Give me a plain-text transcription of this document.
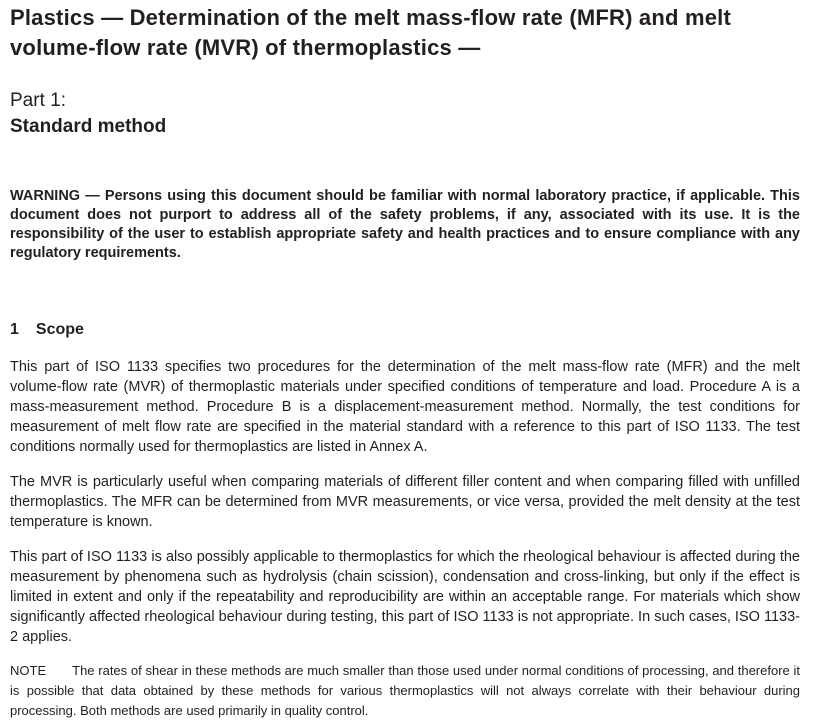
Plastics — Determination of the melt mass-flow rate (MFR) and melt volume-flow rate (MVR) of thermoplastics —

Part 1:

Standard method

WARNING — Persons using this document should be familiar with normal laboratory practice, if applicable. This document does not purport to address all of the safety problems, if any, associated with its use. It is the responsibility of the user to establish appropriate safety and health practices and to ensure compliance with any regulatory requirements.

1 Scope

This part of ISO 1133 specifies two procedures for the determination of the melt mass-flow rate (MFR) and the melt volume-flow rate (MVR) of thermoplastic materials under specified conditions of temperature and load. Procedure A is a mass-measurement method. Procedure B is a displacement-measurement method. Normally, the test conditions for measurement of melt flow rate are specified in the material standard with a reference to this part of ISO 1133. The test conditions normally used for thermoplastics are listed in Annex A.

The MVR is particularly useful when comparing materials of different filler content and when comparing filled with unfilled thermoplastics. The MFR can be determined from MVR measurements, or vice versa, provided the melt density at the test temperature is known.

This part of ISO 1133 is also possibly applicable to thermoplastics for which the rheological behaviour is affected during the measurement by phenomena such as hydrolysis (chain scission), condensation and cross-linking, but only if the effect is limited in extent and only if the repeatability and reproducibility are within an acceptable range. For materials which show significantly affected rheological behaviour during testing, this part of ISO 1133 is not appropriate. In such cases, ISO 1133-2 applies.

NOTE The rates of shear in these methods are much smaller than those used under normal conditions of processing, and therefore it is possible that data obtained by these methods for various thermoplastics will not always correlate with their behaviour during processing. Both methods are used primarily in quality control.
